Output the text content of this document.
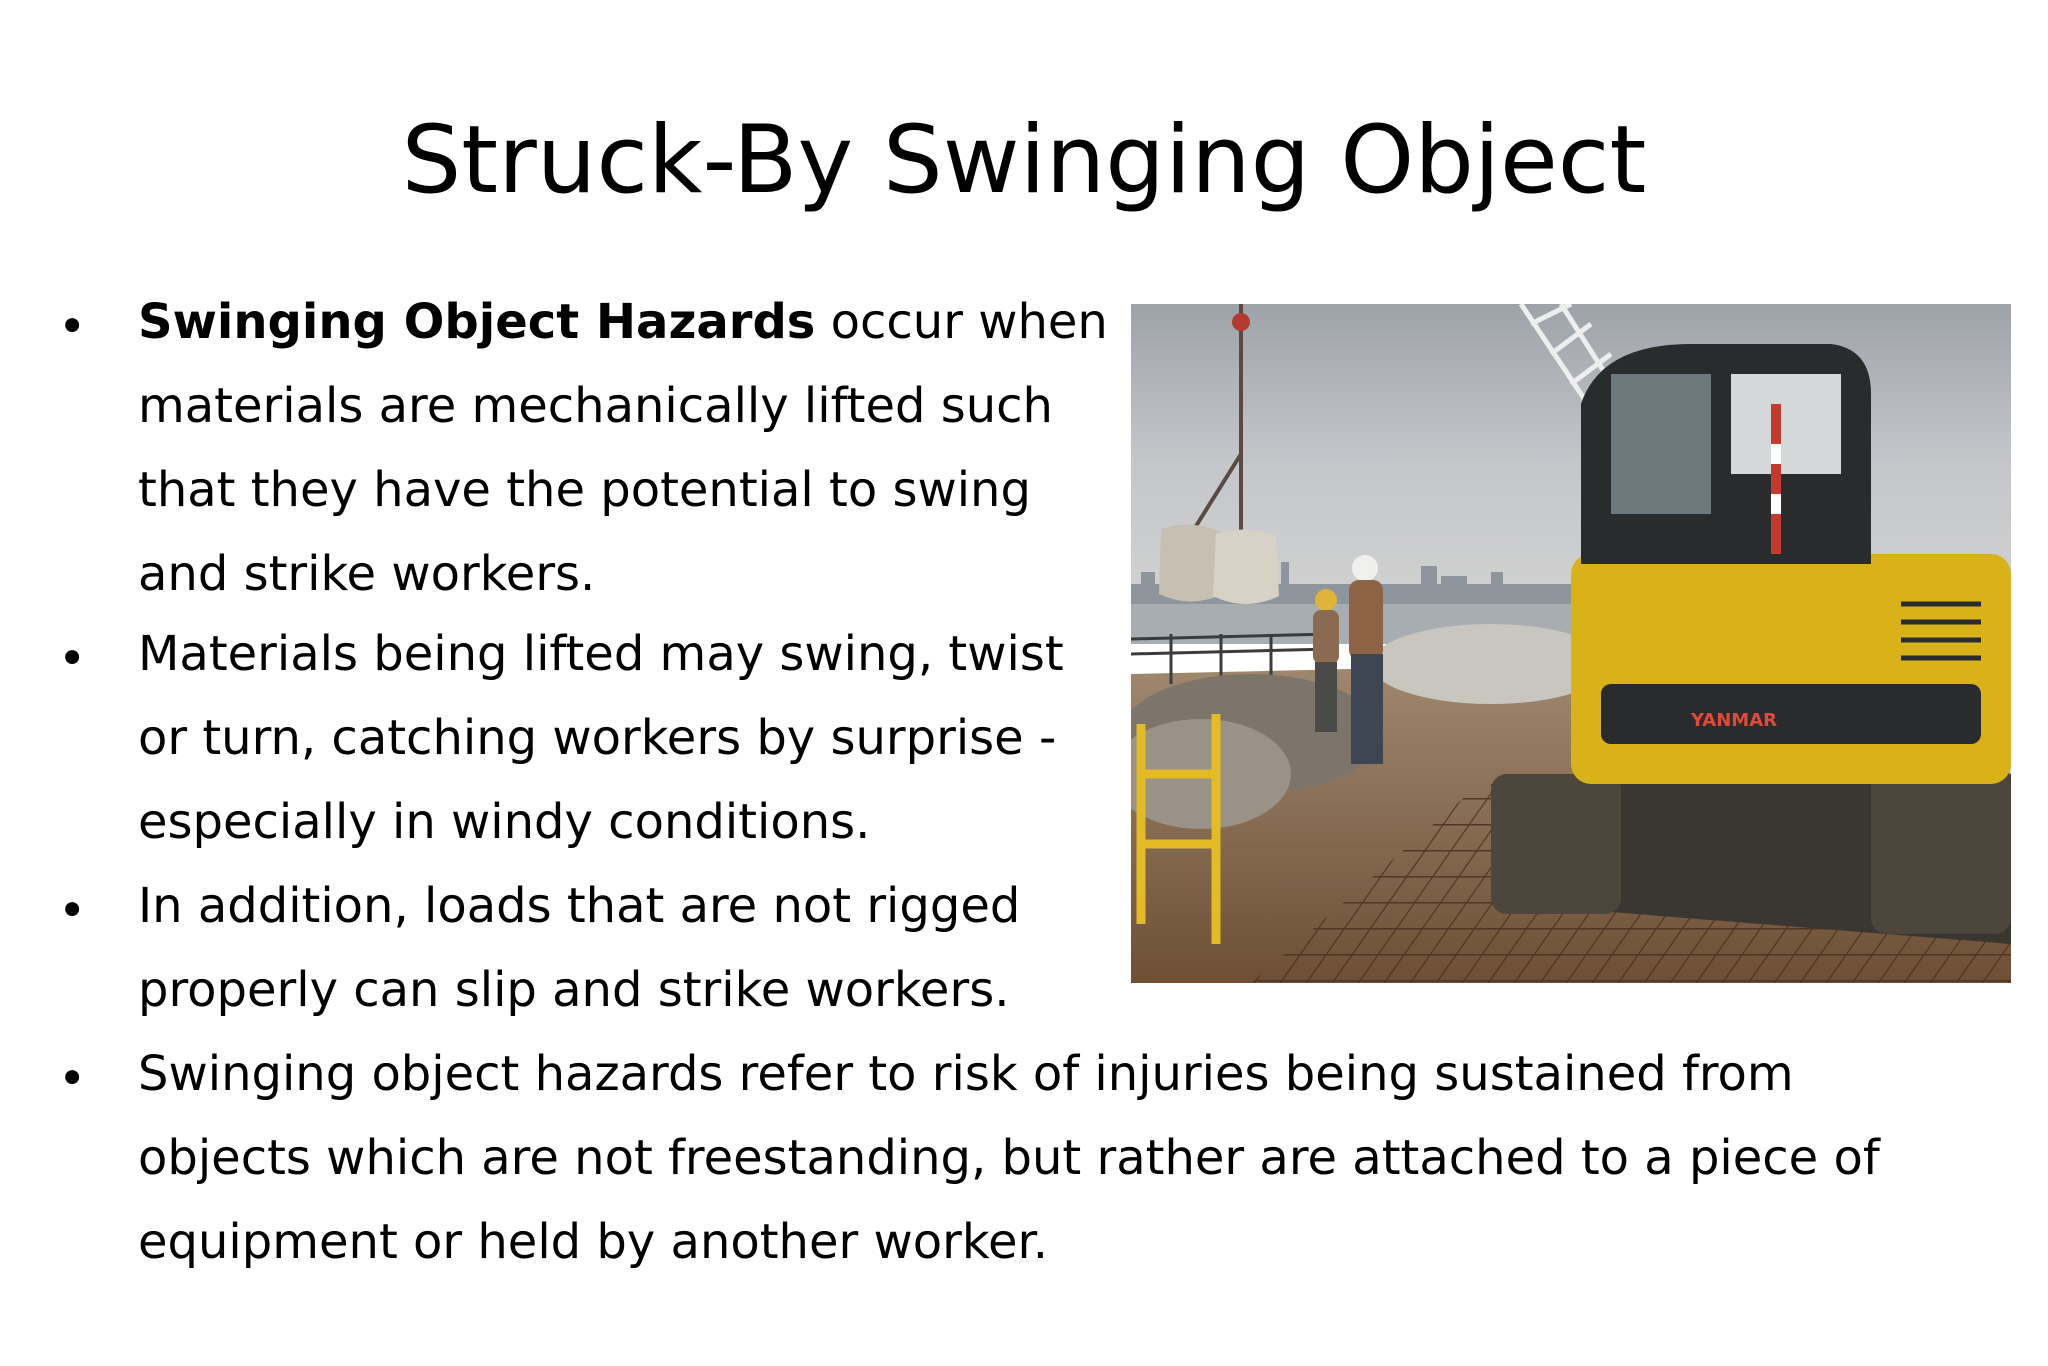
Struck-By Swinging Object
• Swinging Object Hazards occur when
materials are mechanically lifted such
that they have the potential to swing
and strike workers.
• Materials being lifted may swing, twist
or turn, catching workers by surprise -
especially in windy conditions.
• In addition, loads that are not rigged
properly can slip and strike workers.
• Swinging object hazards refer to risk of injuries being sustained from
objects which are not freestanding, but rather are attached to a piece of
equipment or held by another worker.
YANMAR
